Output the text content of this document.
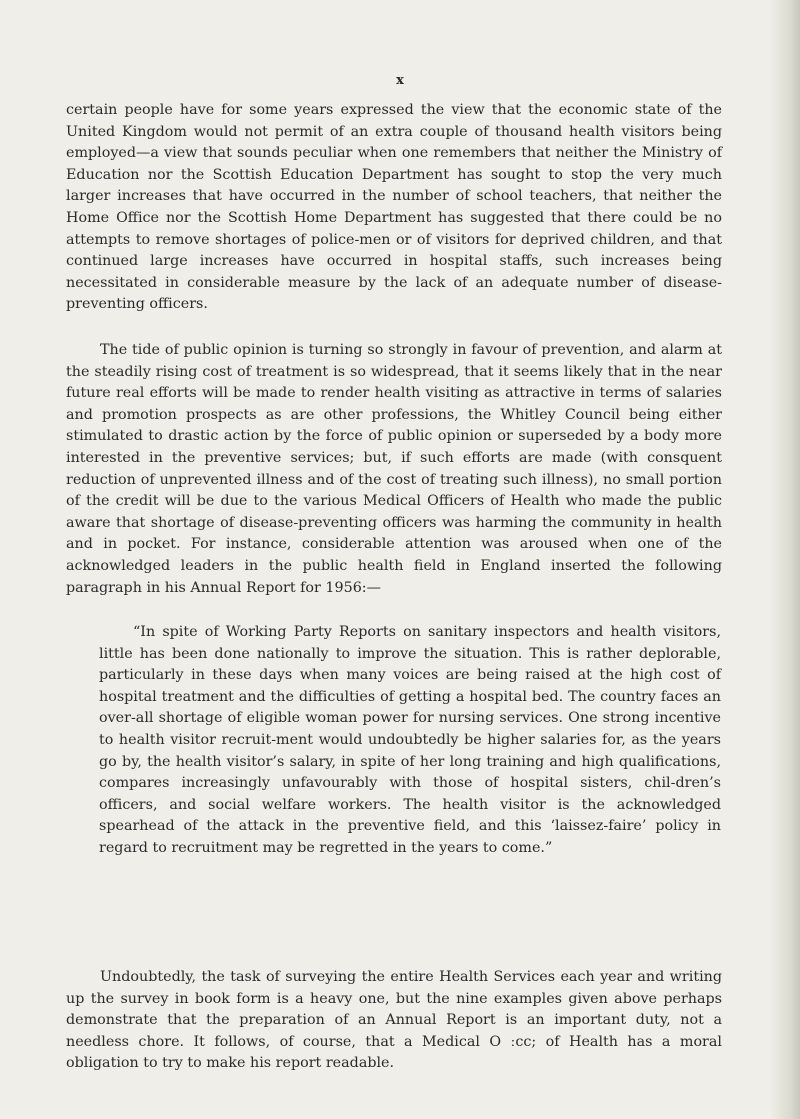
x

certain people have for some years expressed the view that the economic state of the United Kingdom would not permit of an extra couple of thousand health visitors being employed—a view that sounds peculiar when one remembers that neither the Ministry of Education nor the Scottish Education Department has sought to stop the very much larger increases that have occurred in the number of school teachers, that neither the Home Office nor the Scottish Home Department has suggested that there could be no attempts to remove shortages of police-men or of visitors for deprived children, and that continued large increases have occurred in hospital staffs, such increases being necessitated in considerable measure by the lack of an adequate number of disease-preventing officers.

The tide of public opinion is turning so strongly in favour of prevention, and alarm at the steadily rising cost of treatment is so widespread, that it seems likely that in the near future real efforts will be made to render health visiting as attractive in terms of salaries and promotion prospects as are other professions, the Whitley Council being either stimulated to drastic action by the force of public opinion or superseded by a body more interested in the preventive services; but, if such efforts are made (with consquent reduction of unprevented illness and of the cost of treating such illness), no small portion of the credit will be due to the various Medical Officers of Health who made the public aware that shortage of disease-preventing officers was harming the community in health and in pocket. For instance, considerable attention was aroused when one of the acknowledged leaders in the public health field in England inserted the following paragraph in his Annual Report for 1956:—

“In spite of Working Party Reports on sanitary inspectors and health visitors, little has been done nationally to improve the situation. This is rather deplorable, particularly in these days when many voices are being raised at the high cost of hospital treatment and the difficulties of getting a hospital bed. The country faces an over-all shortage of eligible woman power for nursing services. One strong incentive to health visitor recruit-ment would undoubtedly be higher salaries for, as the years go by, the health visitor’s salary, in spite of her long training and high qualifications, compares increasingly unfavourably with those of hospital sisters, chil-dren’s officers, and social welfare workers. The health visitor is the acknowledged spearhead of the attack in the preventive field, and this ‘laissez-faire’ policy in regard to recruitment may be regretted in the years to come.”

Undoubtedly, the task of surveying the entire Health Services each year and writing up the survey in book form is a heavy one, but the nine examples given above perhaps demonstrate that the preparation of an Annual Report is an important duty, not a needless chore. It follows, of course, that a Medical O ːcc; of Health has a moral obligation to try to make his report readable.
